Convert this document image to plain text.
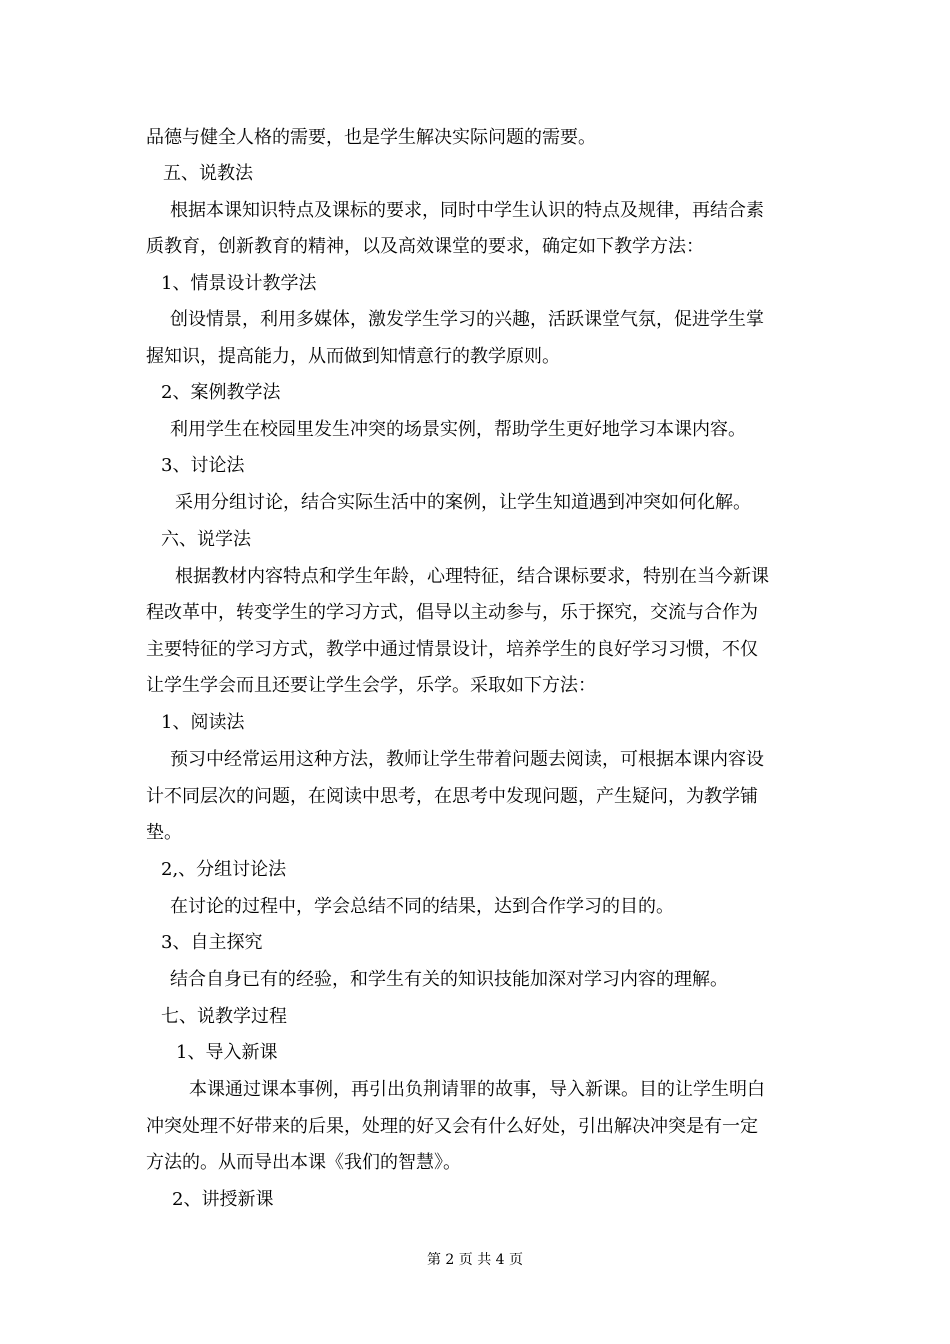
品德与健全人格的需要，也是学生解决实际问题的需要。
五、说教法
根据本课知识特点及课标的要求，同时中学生认识的特点及规律，再结合素
质教育，创新教育的精神，以及高效课堂的要求，确定如下教学方法：
1、情景设计教学法
创设情景，利用多媒体，激发学生学习的兴趣，活跃课堂气氛，促进学生掌
握知识，提高能力，从而做到知情意行的教学原则。
2、案例教学法
利用学生在校园里发生冲突的场景实例，帮助学生更好地学习本课内容。
3、讨论法
采用分组讨论，结合实际生活中的案例，让学生知道遇到冲突如何化解。
六、说学法
根据教材内容特点和学生年龄，心理特征，结合课标要求，特别在当今新课
程改革中，转变学生的学习方式，倡导以主动参与，乐于探究，交流与合作为
主要特征的学习方式，教学中通过情景设计，培养学生的良好学习习惯，不仅
让学生学会而且还要让学生会学，乐学。采取如下方法：
1、阅读法
预习中经常运用这种方法，教师让学生带着问题去阅读，可根据本课内容设
计不同层次的问题，在阅读中思考，在思考中发现问题，产生疑问，为教学铺
垫。
2,、分组讨论法
在讨论的过程中，学会总结不同的结果，达到合作学习的目的。
3、自主探究
结合自身已有的经验，和学生有关的知识技能加深对学习内容的理解。
七、说教学过程
1、导入新课
本课通过课本事例，再引出负荆请罪的故事，导入新课。目的让学生明白
冲突处理不好带来的后果，处理的好又会有什么好处，引出解决冲突是有一定
方法的。从而导出本课《我们的智慧》。
2、讲授新课
第 2 页 共 4 页
